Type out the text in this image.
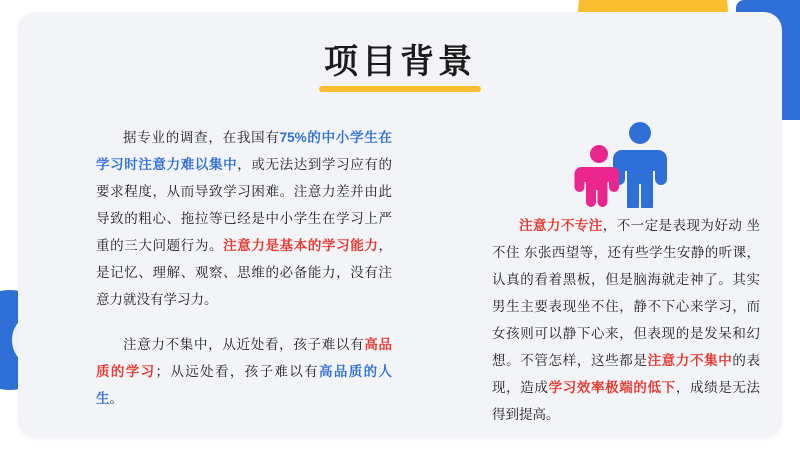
项目背景

据专业的调查，在我国有75%的中小学生在学习时注意力难以集中，或无法达到学习应有的要求程度，从而导致学习困难。注意力差并由此导致的粗心、拖拉等已经是中小学生在学习上严重的三大问题行为。注意力是基本的学习能力，是记忆、理解、观察、思维的必备能力，没有注意力就没有学习力。

注意力不集中，从近处看，孩子难以有高品质的学习；从远处看，孩子难以有高品质的人生。

注意力不专注，不一定是表现为好动 坐不住 东张西望等，还有些学生安静的听课，认真的看着黑板，但是脑海就走神了。其实男生主要表现坐不住，静不下心来学习，而女孩则可以静下心来，但表现的是发呆和幻想。不管怎样，这些都是注意力不集中的表现，造成学习效率极端的低下，成绩是无法得到提高。
